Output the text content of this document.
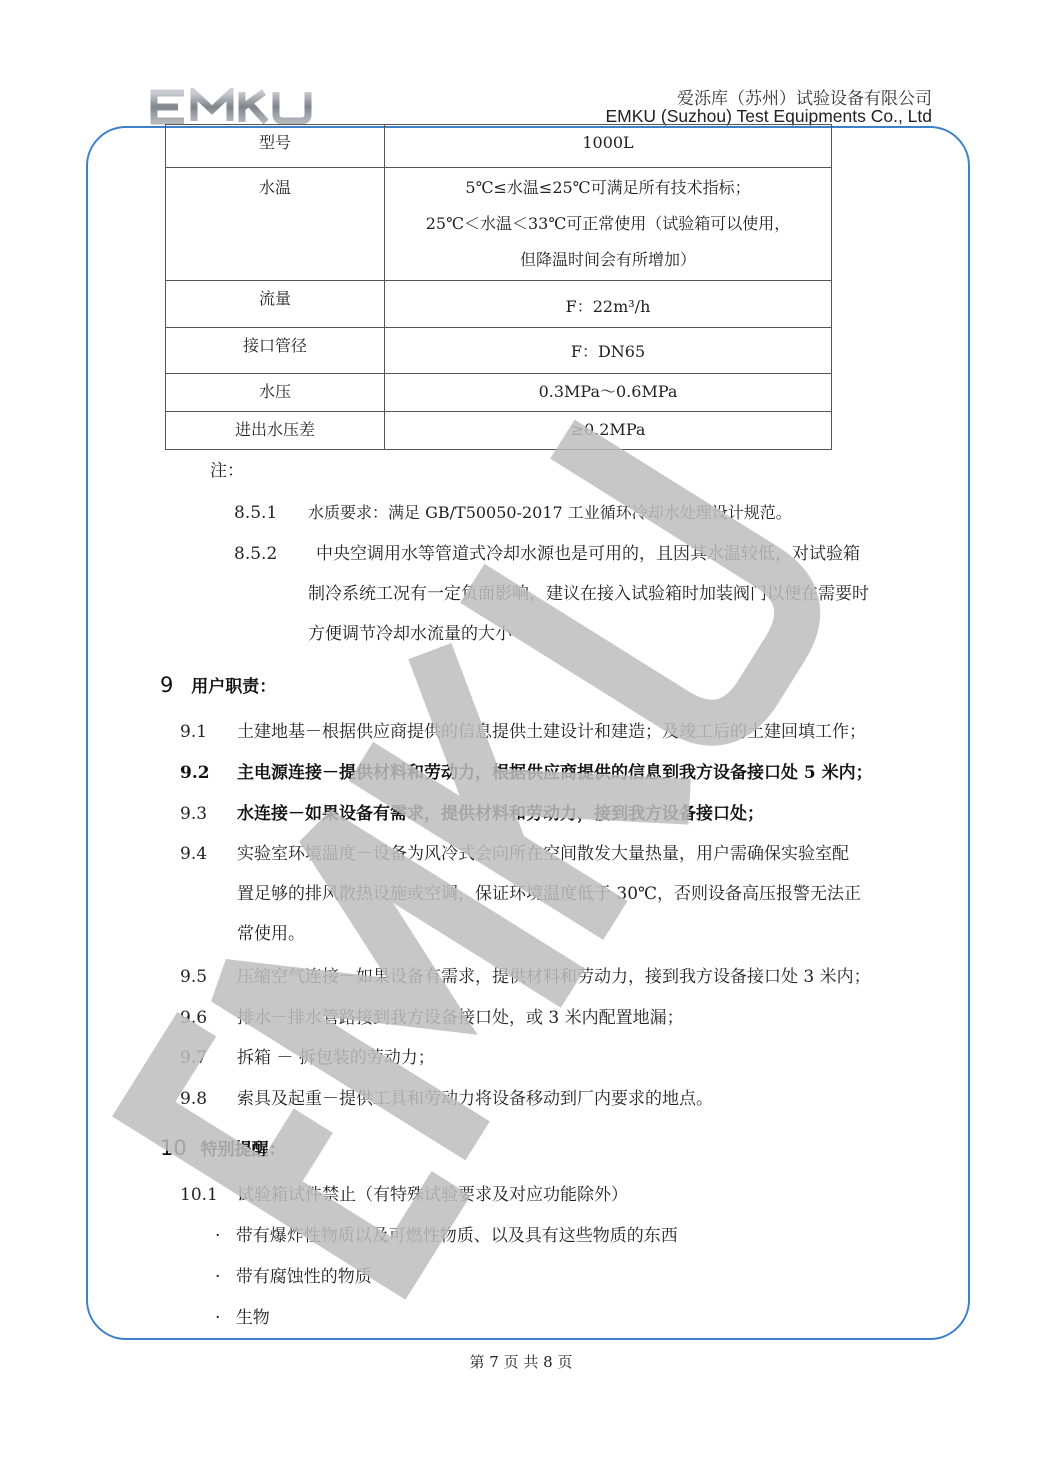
爱泺库（苏州）试验设备有限公司
EMKU (Suzhou) Test Equipments Co., Ltd
型号	1000L

水温	5℃≤水温≤25℃可满足所有技术指标；
25℃＜水温＜33℃可正常使用（试验箱可以使用，
但降温时间会有所增加）

流量	F：22m³/h

接口管径	F：DN65

水压	0.3MPa～0.6MPa

进出水压差	≥0.2MPa
注：
8.5.1 水质要求：满足 GB/T50050-2017 工业循环冷却水处理设计规范。
8.5.2 中央空调用水等管道式冷却水源也是可用的，且因其水温较低，对试验箱
制冷系统工况有一定负面影响，建议在接入试验箱时加装阀门以便在需要时
方便调节冷却水流量的大小
9 用户职责：
9.1 土建地基－根据供应商提供的信息提供土建设计和建造；及竣工后的土建回填工作；
9.2 主电源连接－提供材料和劳动力，根据供应商提供的信息到我方设备接口处 5 米内；
9.3 水连接－如果设备有需求，提供材料和劳动力，接到我方设备接口处；
9.4 实验室环境温度－设备为风冷式会向所在空间散发大量热量，用户需确保实验室配
置足够的排风散热设施或空调，保证环境温度低于 30℃，否则设备高压报警无法正
常使用。
9.5 压缩空气连接－如果设备有需求，提供材料和劳动力，接到我方设备接口处 3 米内；
9.6 排水－排水管路接到我方设备接口处，或 3 米内配置地漏；
9.7 拆箱 － 拆包装的劳动力；
9.8 索具及起重－提供工具和劳动力将设备移动到厂内要求的地点。
10 特别提醒：
10.1 试验箱试件禁止（有特殊试验要求及对应功能除外）
· 带有爆炸性物质以及可燃性物质、以及具有这些物质的东西
· 带有腐蚀性的物质
· 生物
第 7 页 共 8 页
